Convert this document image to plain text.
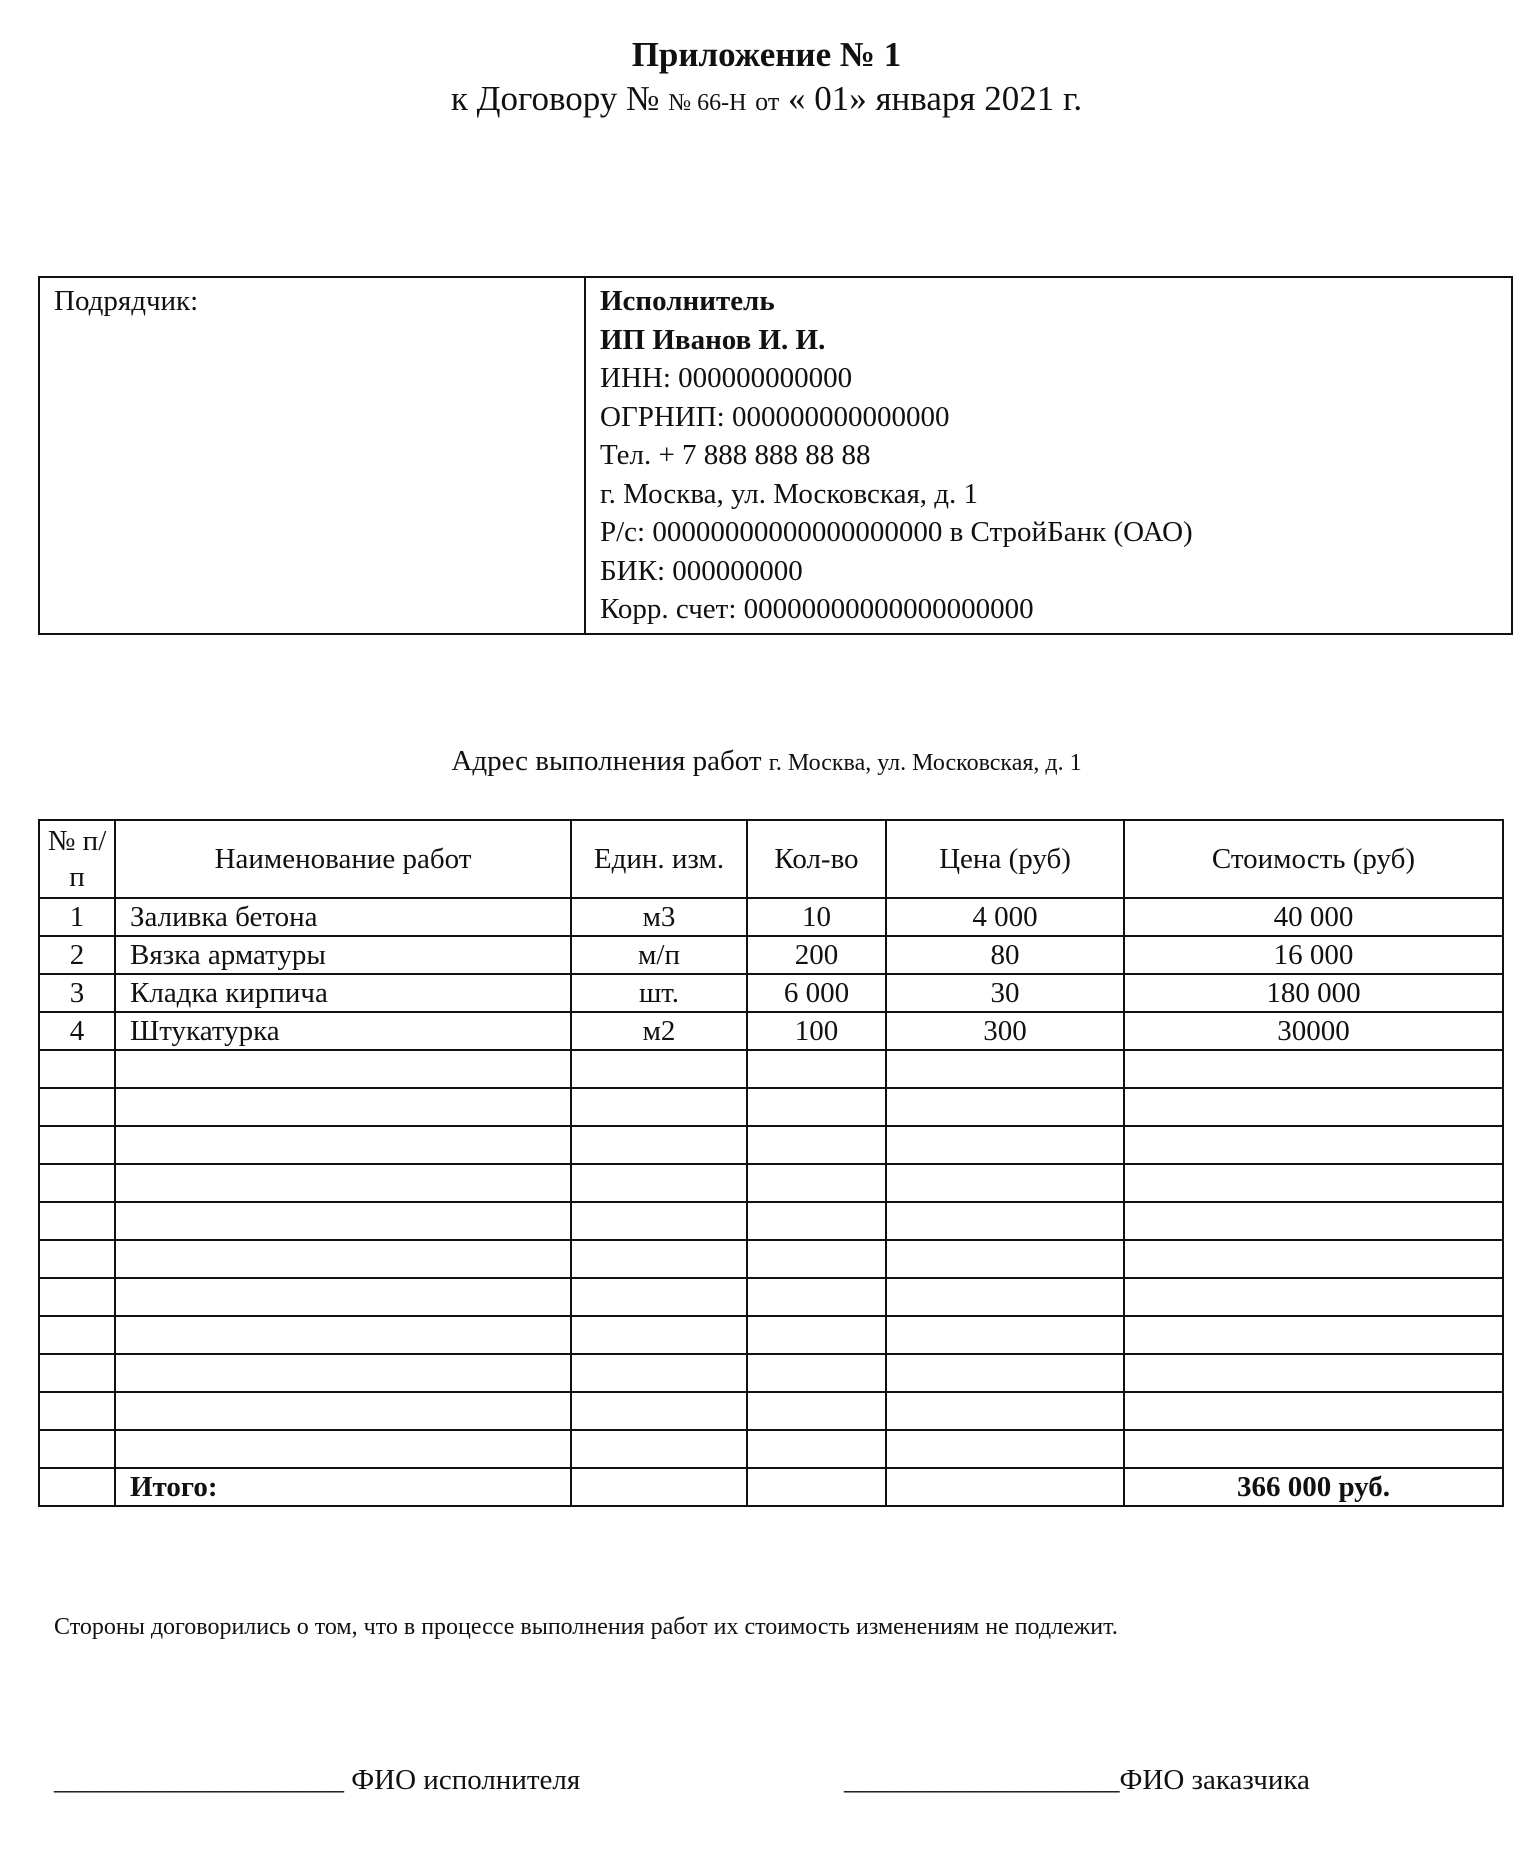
Приложение № 1
к Договору № № 66-Н от « 01» января 2021 г.
Подрядчик:	Исполнитель
ИП Иванов И. И.
ИНН: 000000000000
ОГРНИП: 000000000000000
Тел. + 7 888 888 88 88
г. Москва, ул. Московская, д. 1
Р/с: 00000000000000000000 в СтройБанк (ОАО)
БИК: 000000000
Корр. счет: 00000000000000000000
Адрес выполнения работ г. Москва, ул. Московская, д. 1
№ п/п	Наименование работ	Един. изм.	Кол-во	Цена (руб)	Стоимость (руб)
1	Заливка бетона	м3	10	4 000	40 000
2	Вязка арматуры	м/п	200	80	16 000
3	Кладка кирпича	шт.	6 000	30	180 000
4	Штукатурка	м2	100	300	30000

	Итого:				366 000 руб.
Стороны договорились о том, что в процессе выполнения работ их стоимость изменениям не подлежит.
____________________ ФИО исполнителя	___________________ФИО заказчика
